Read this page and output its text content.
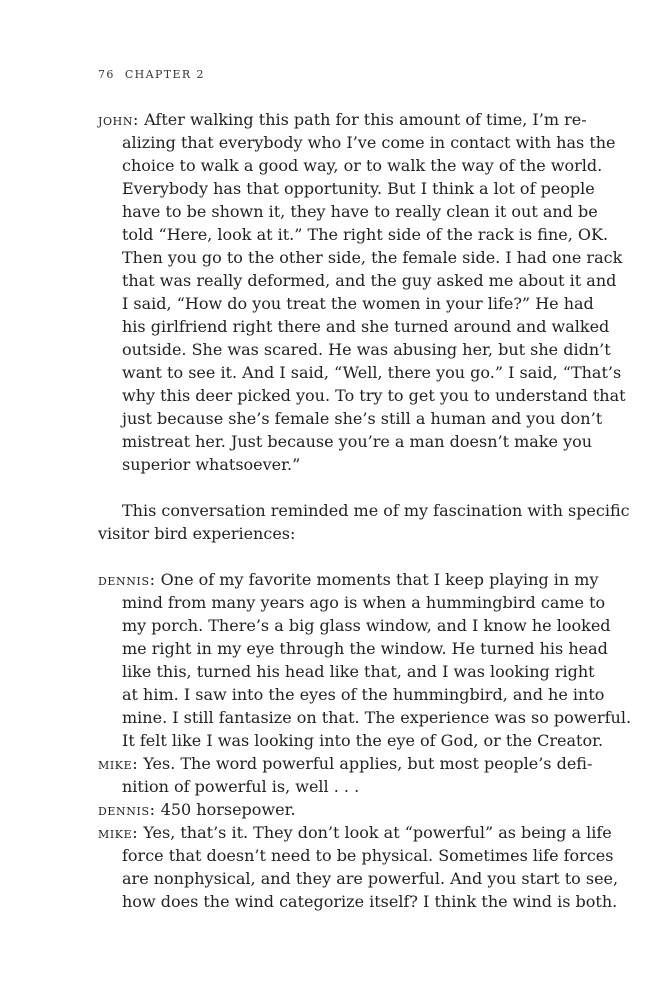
76 CHAPTER 2
john: After walking this path for this amount of time, I’m re-
alizing that everybody who I’ve come in contact with has the
choice to walk a good way, or to walk the way of the world.
Everybody has that opportunity. But I think a lot of people
have to be shown it, they have to really clean it out and be
told “Here, look at it.” The right side of the rack is fine, OK.
Then you go to the other side, the female side. I had one rack
that was really deformed, and the guy asked me about it and
I said, “How do you treat the women in your life?” He had
his girlfriend right there and she turned around and walked
outside. She was scared. He was abusing her, but she didn’t
want to see it. And I said, “Well, there you go.” I said, “That’s
why this deer picked you. To try to get you to understand that
just because she’s female she’s still a human and you don’t
mistreat her. Just because you’re a man doesn’t make you
superior whatsoever.”
This conversation reminded me of my fascination with specific
visitor bird experiences:
dennis: One of my favorite moments that I keep playing in my
mind from many years ago is when a hummingbird came to
my porch. There’s a big glass window, and I know he looked
me right in my eye through the window. He turned his head
like this, turned his head like that, and I was looking right
at him. I saw into the eyes of the hummingbird, and he into
mine. I still fantasize on that. The experience was so powerful.
It felt like I was looking into the eye of God, or the Creator.
mike: Yes. The word powerful applies, but most people’s defi-
nition of powerful is, well . . .
dennis: 450 horsepower.
mike: Yes, that’s it. They don’t look at “powerful” as being a life
force that doesn’t need to be physical. Sometimes life forces
are nonphysical, and they are powerful. And you start to see,
how does the wind categorize itself? I think the wind is both.
